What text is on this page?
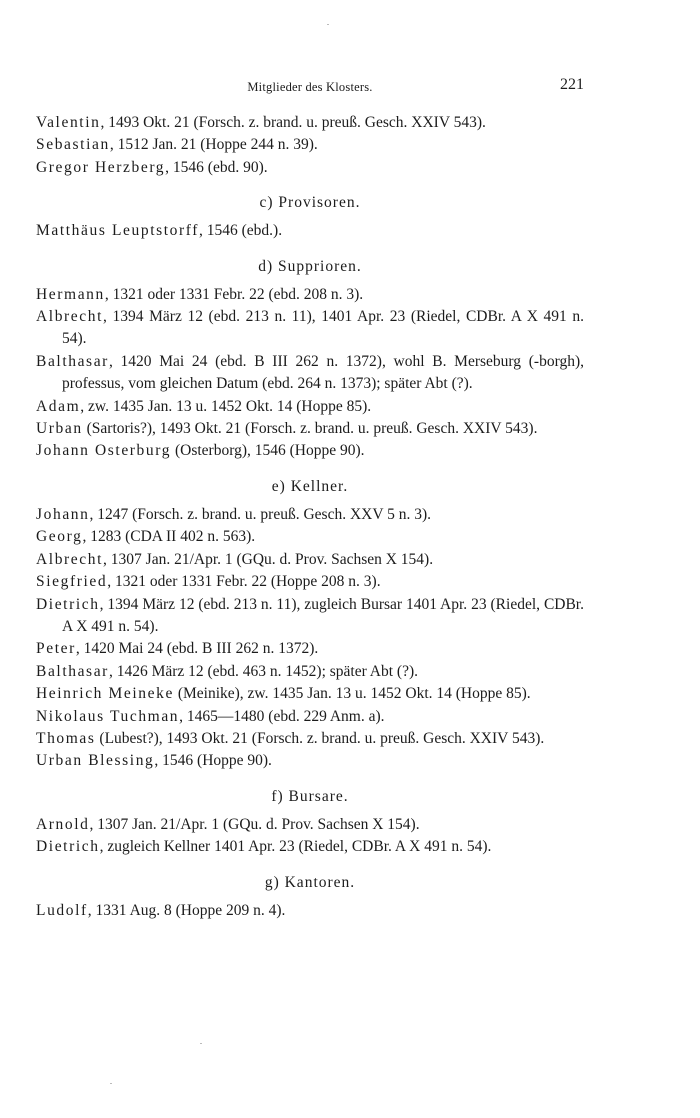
Mitglieder des Klosters.	221
Valentin, 1493 Okt. 21 (Forsch. z. brand. u. preuß. Gesch. XXIV 543).
Sebastian, 1512 Jan. 21 (Hoppe 244 n. 39).
Gregor Herzberg, 1546 (ebd. 90).
c) Provisoren.
Matthäus Leuptstorff, 1546 (ebd.).
d) Supprioren.
Hermann, 1321 oder 1331 Febr. 22 (ebd. 208 n. 3).
Albrecht, 1394 März 12 (ebd. 213 n. 11), 1401 Apr. 23 (Riedel, CDBr. A X 491 n. 54).
Balthasar, 1420 Mai 24 (ebd. B III 262 n. 1372), wohl B. Merseburg (-borgh), professus, vom gleichen Datum (ebd. 264 n. 1373); später Abt (?).
Adam, zw. 1435 Jan. 13 u. 1452 Okt. 14 (Hoppe 85).
Urban (Sartoris?), 1493 Okt. 21 (Forsch. z. brand. u. preuß. Gesch. XXIV 543).
Johann Osterburg (Osterborg), 1546 (Hoppe 90).
e) Kellner.
Johann, 1247 (Forsch. z. brand. u. preuß. Gesch. XXV 5 n. 3).
Georg, 1283 (CDA II 402 n. 563).
Albrecht, 1307 Jan. 21/Apr. 1 (GQu. d. Prov. Sachsen X 154).
Siegfried, 1321 oder 1331 Febr. 22 (Hoppe 208 n. 3).
Dietrich, 1394 März 12 (ebd. 213 n. 11), zugleich Bursar 1401 Apr. 23 (Riedel, CDBr. A X 491 n. 54).
Peter, 1420 Mai 24 (ebd. B III 262 n. 1372).
Balthasar, 1426 März 12 (ebd. 463 n. 1452); später Abt (?).
Heinrich Meineke (Meinike), zw. 1435 Jan. 13 u. 1452 Okt. 14 (Hoppe 85).
Nikolaus Tuchman, 1465—1480 (ebd. 229 Anm. a).
Thomas (Lubest?), 1493 Okt. 21 (Forsch. z. brand. u. preuß. Gesch. XXIV 543).
Urban Blessing, 1546 (Hoppe 90).
f) Bursare.
Arnold, 1307 Jan. 21/Apr. 1 (GQu. d. Prov. Sachsen X 154).
Dietrich, zugleich Kellner 1401 Apr. 23 (Riedel, CDBr. A X 491 n. 54).
g) Kantoren.
Ludolf, 1331 Aug. 8 (Hoppe 209 n. 4).
